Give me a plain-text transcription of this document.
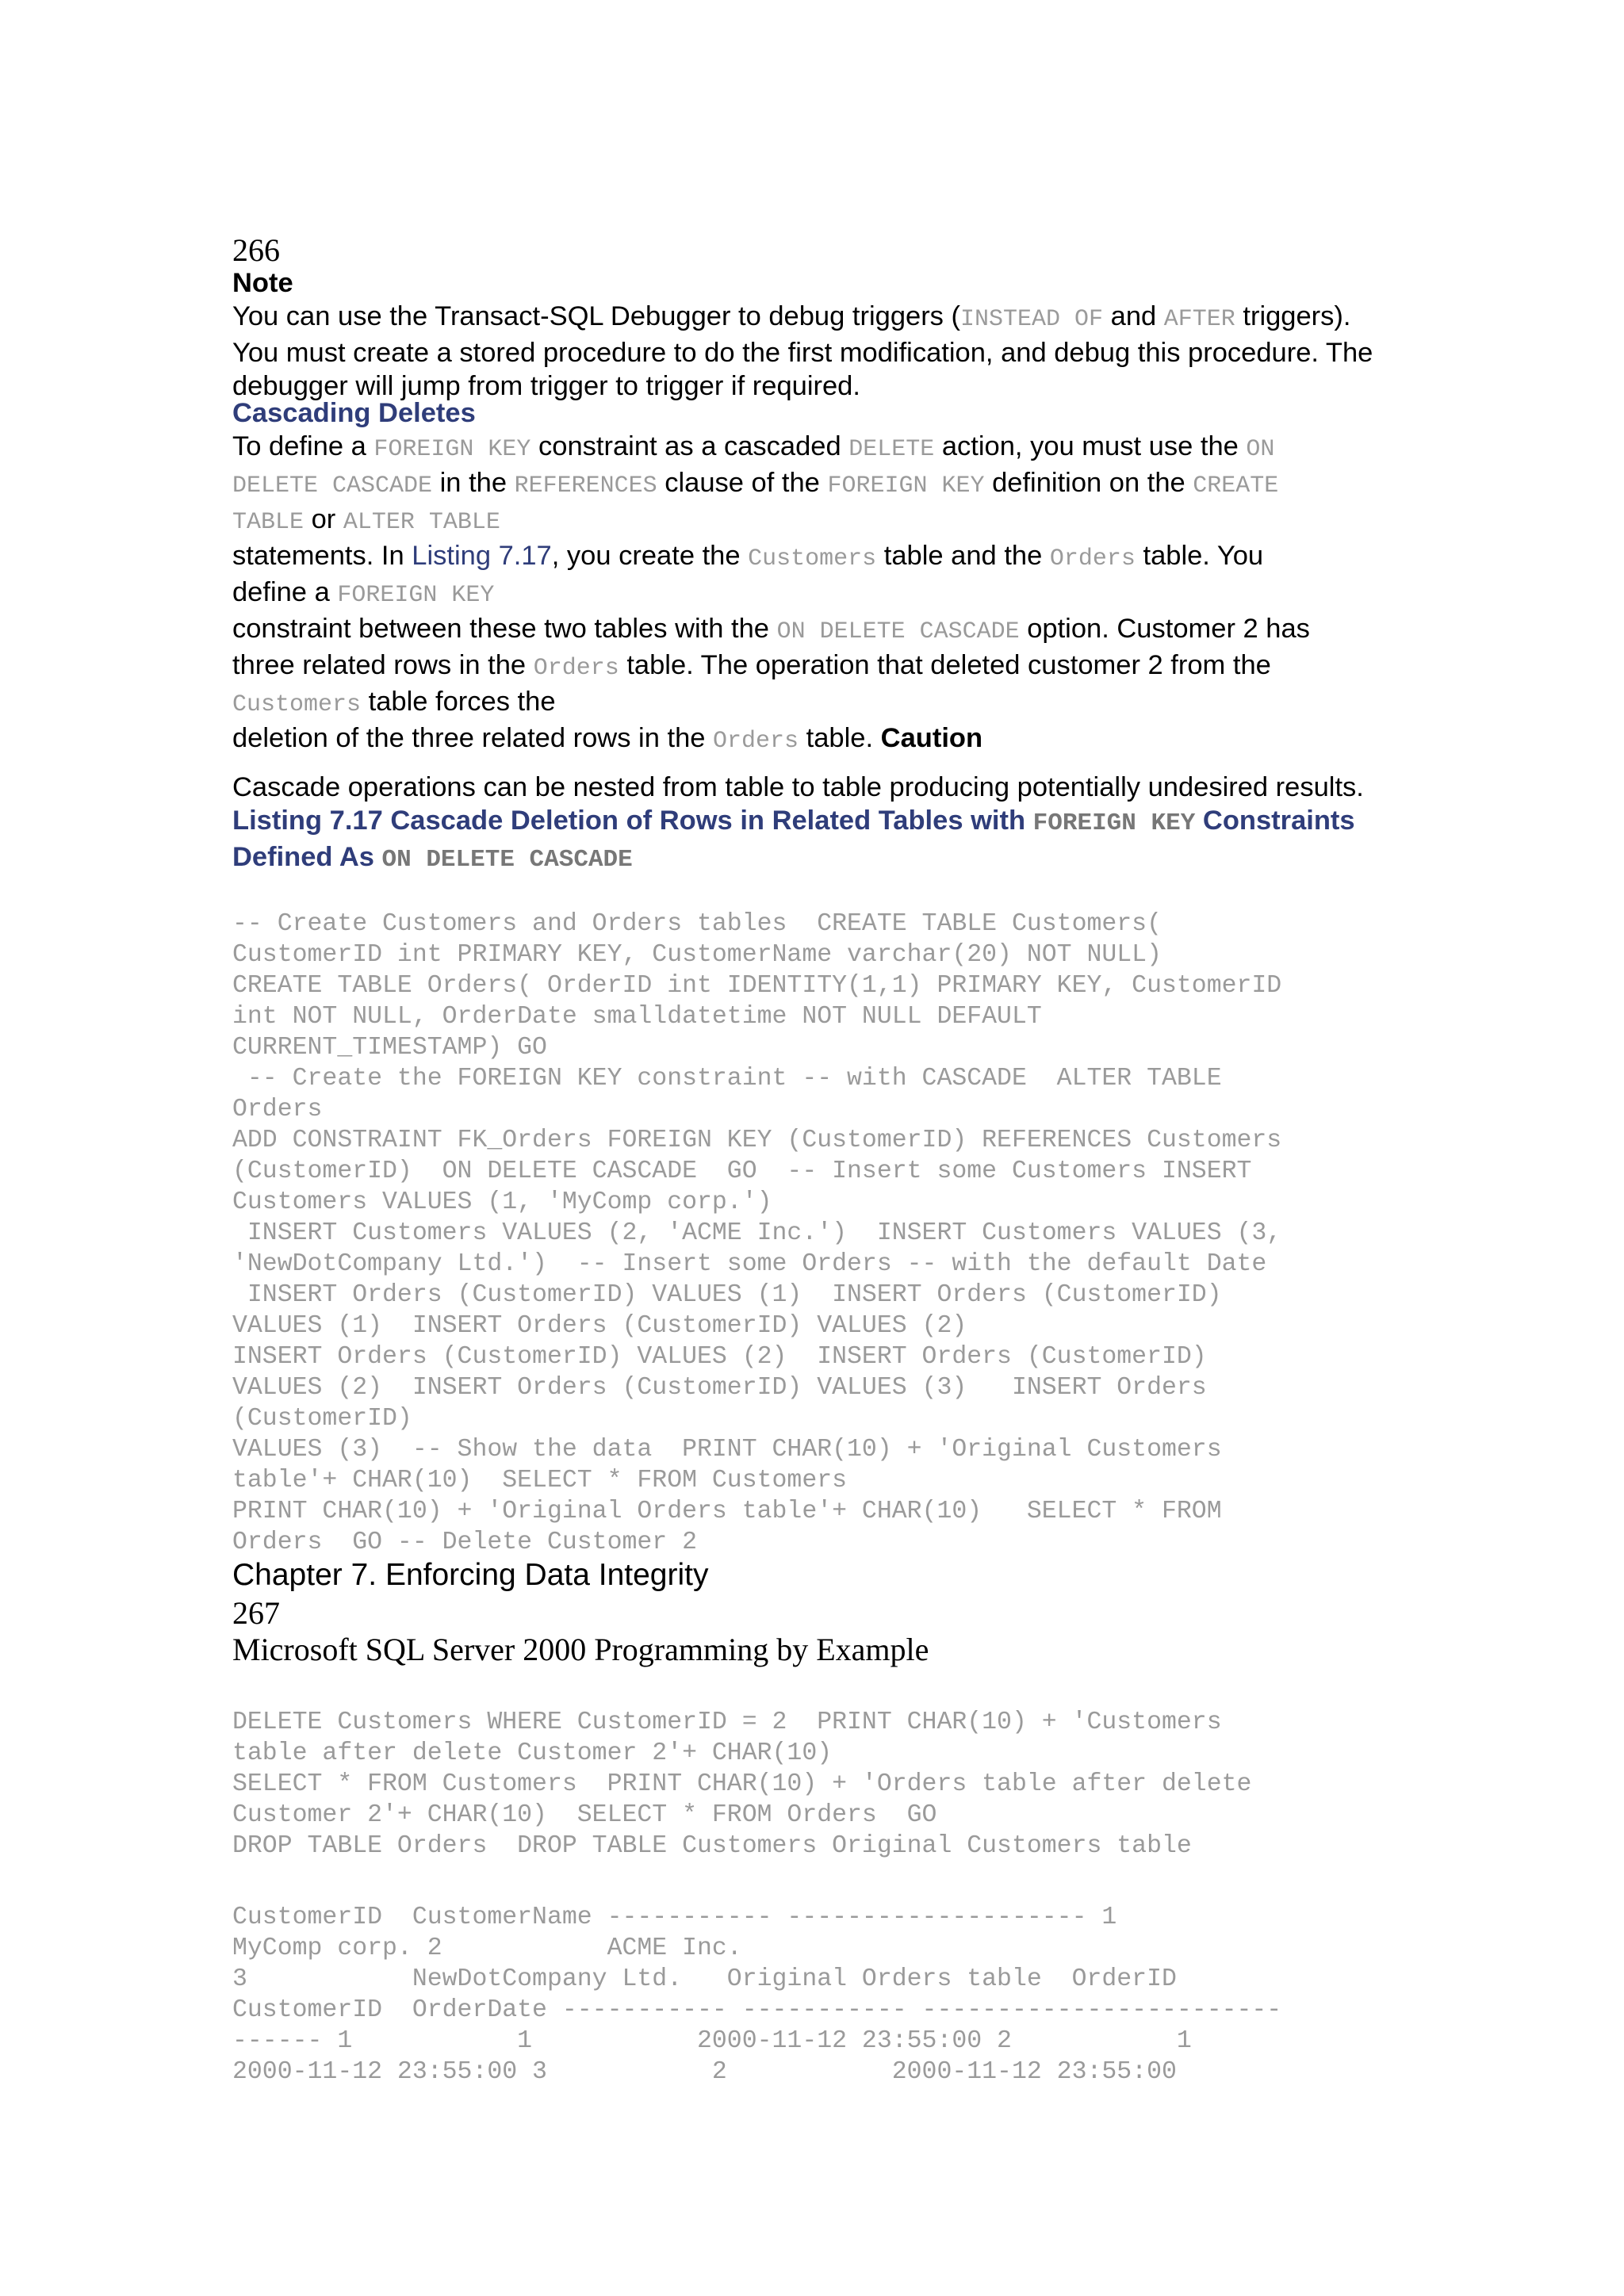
266

Note

You can use the Transact-SQL Debugger to debug triggers (INSTEAD OF and AFTER triggers).

You must create a stored procedure to do the first modification, and debug this procedure. The

debugger will jump from trigger to trigger if required.

Cascading Deletes

To define a FOREIGN KEY constraint as a cascaded DELETE action, you must use the ON

DELETE CASCADE in the REFERENCES clause of the FOREIGN KEY definition on the CREATE

TABLE or ALTER TABLE

statements. In Listing 7.17, you create the Customers table and the Orders table. You

define a FOREIGN KEY

constraint between these two tables with the ON DELETE CASCADE option. Customer 2 has

three related rows in the Orders table. The operation that deleted customer 2 from the

Customers table forces the

deletion of the three related rows in the Orders table. Caution

Cascade operations can be nested from table to table producing potentially undesired results.

Listing 7.17 Cascade Deletion of Rows in Related Tables with FOREIGN KEY Constraints

Defined As ON DELETE CASCADE

-- Create Customers and Orders tables  CREATE TABLE Customers(
CustomerID int PRIMARY KEY, CustomerName varchar(20) NOT NULL)
CREATE TABLE Orders( OrderID int IDENTITY(1,1) PRIMARY KEY, CustomerID
int NOT NULL, OrderDate smalldatetime NOT NULL DEFAULT
CURRENT_TIMESTAMP) GO
-- Create the FOREIGN KEY constraint -- with CASCADE  ALTER TABLE
Orders
ADD CONSTRAINT FK_Orders FOREIGN KEY (CustomerID) REFERENCES Customers
(CustomerID)  ON DELETE CASCADE  GO  -- Insert some Customers INSERT
Customers VALUES (1, 'MyComp corp.')
INSERT Customers VALUES (2, 'ACME Inc.')  INSERT Customers VALUES (3,
'NewDotCompany Ltd.')  -- Insert some Orders -- with the default Date
INSERT Orders (CustomerID) VALUES (1)  INSERT Orders (CustomerID)
VALUES (1)  INSERT Orders (CustomerID) VALUES (2)
INSERT Orders (CustomerID) VALUES (2)  INSERT Orders (CustomerID)
VALUES (2)  INSERT Orders (CustomerID) VALUES (3)   INSERT Orders
(CustomerID)
VALUES (3)  -- Show the data  PRINT CHAR(10) + 'Original Customers
table'+ CHAR(10)  SELECT * FROM Customers
PRINT CHAR(10) + 'Original Orders table'+ CHAR(10)   SELECT * FROM
Orders  GO -- Delete Customer 2
Chapter 7. Enforcing Data Integrity
267
Microsoft SQL Server 2000 Programming by Example
DELETE Customers WHERE CustomerID = 2  PRINT CHAR(10) + 'Customers
table after delete Customer 2'+ CHAR(10)
SELECT * FROM Customers  PRINT CHAR(10) + 'Orders table after delete
Customer 2'+ CHAR(10)  SELECT * FROM Orders  GO
DROP TABLE Orders  DROP TABLE Customers Original Customers table
CustomerID  CustomerName ----------- -------------------- 1
MyComp corp. 2           ACME Inc.
3           NewDotCompany Ltd.   Original Orders table  OrderID
CustomerID  OrderDate ----------- ----------- ------------------------
------ 1           1           2000-11-12 23:55:00 2           1
2000-11-12 23:55:00 3           2           2000-11-12 23:55:00
